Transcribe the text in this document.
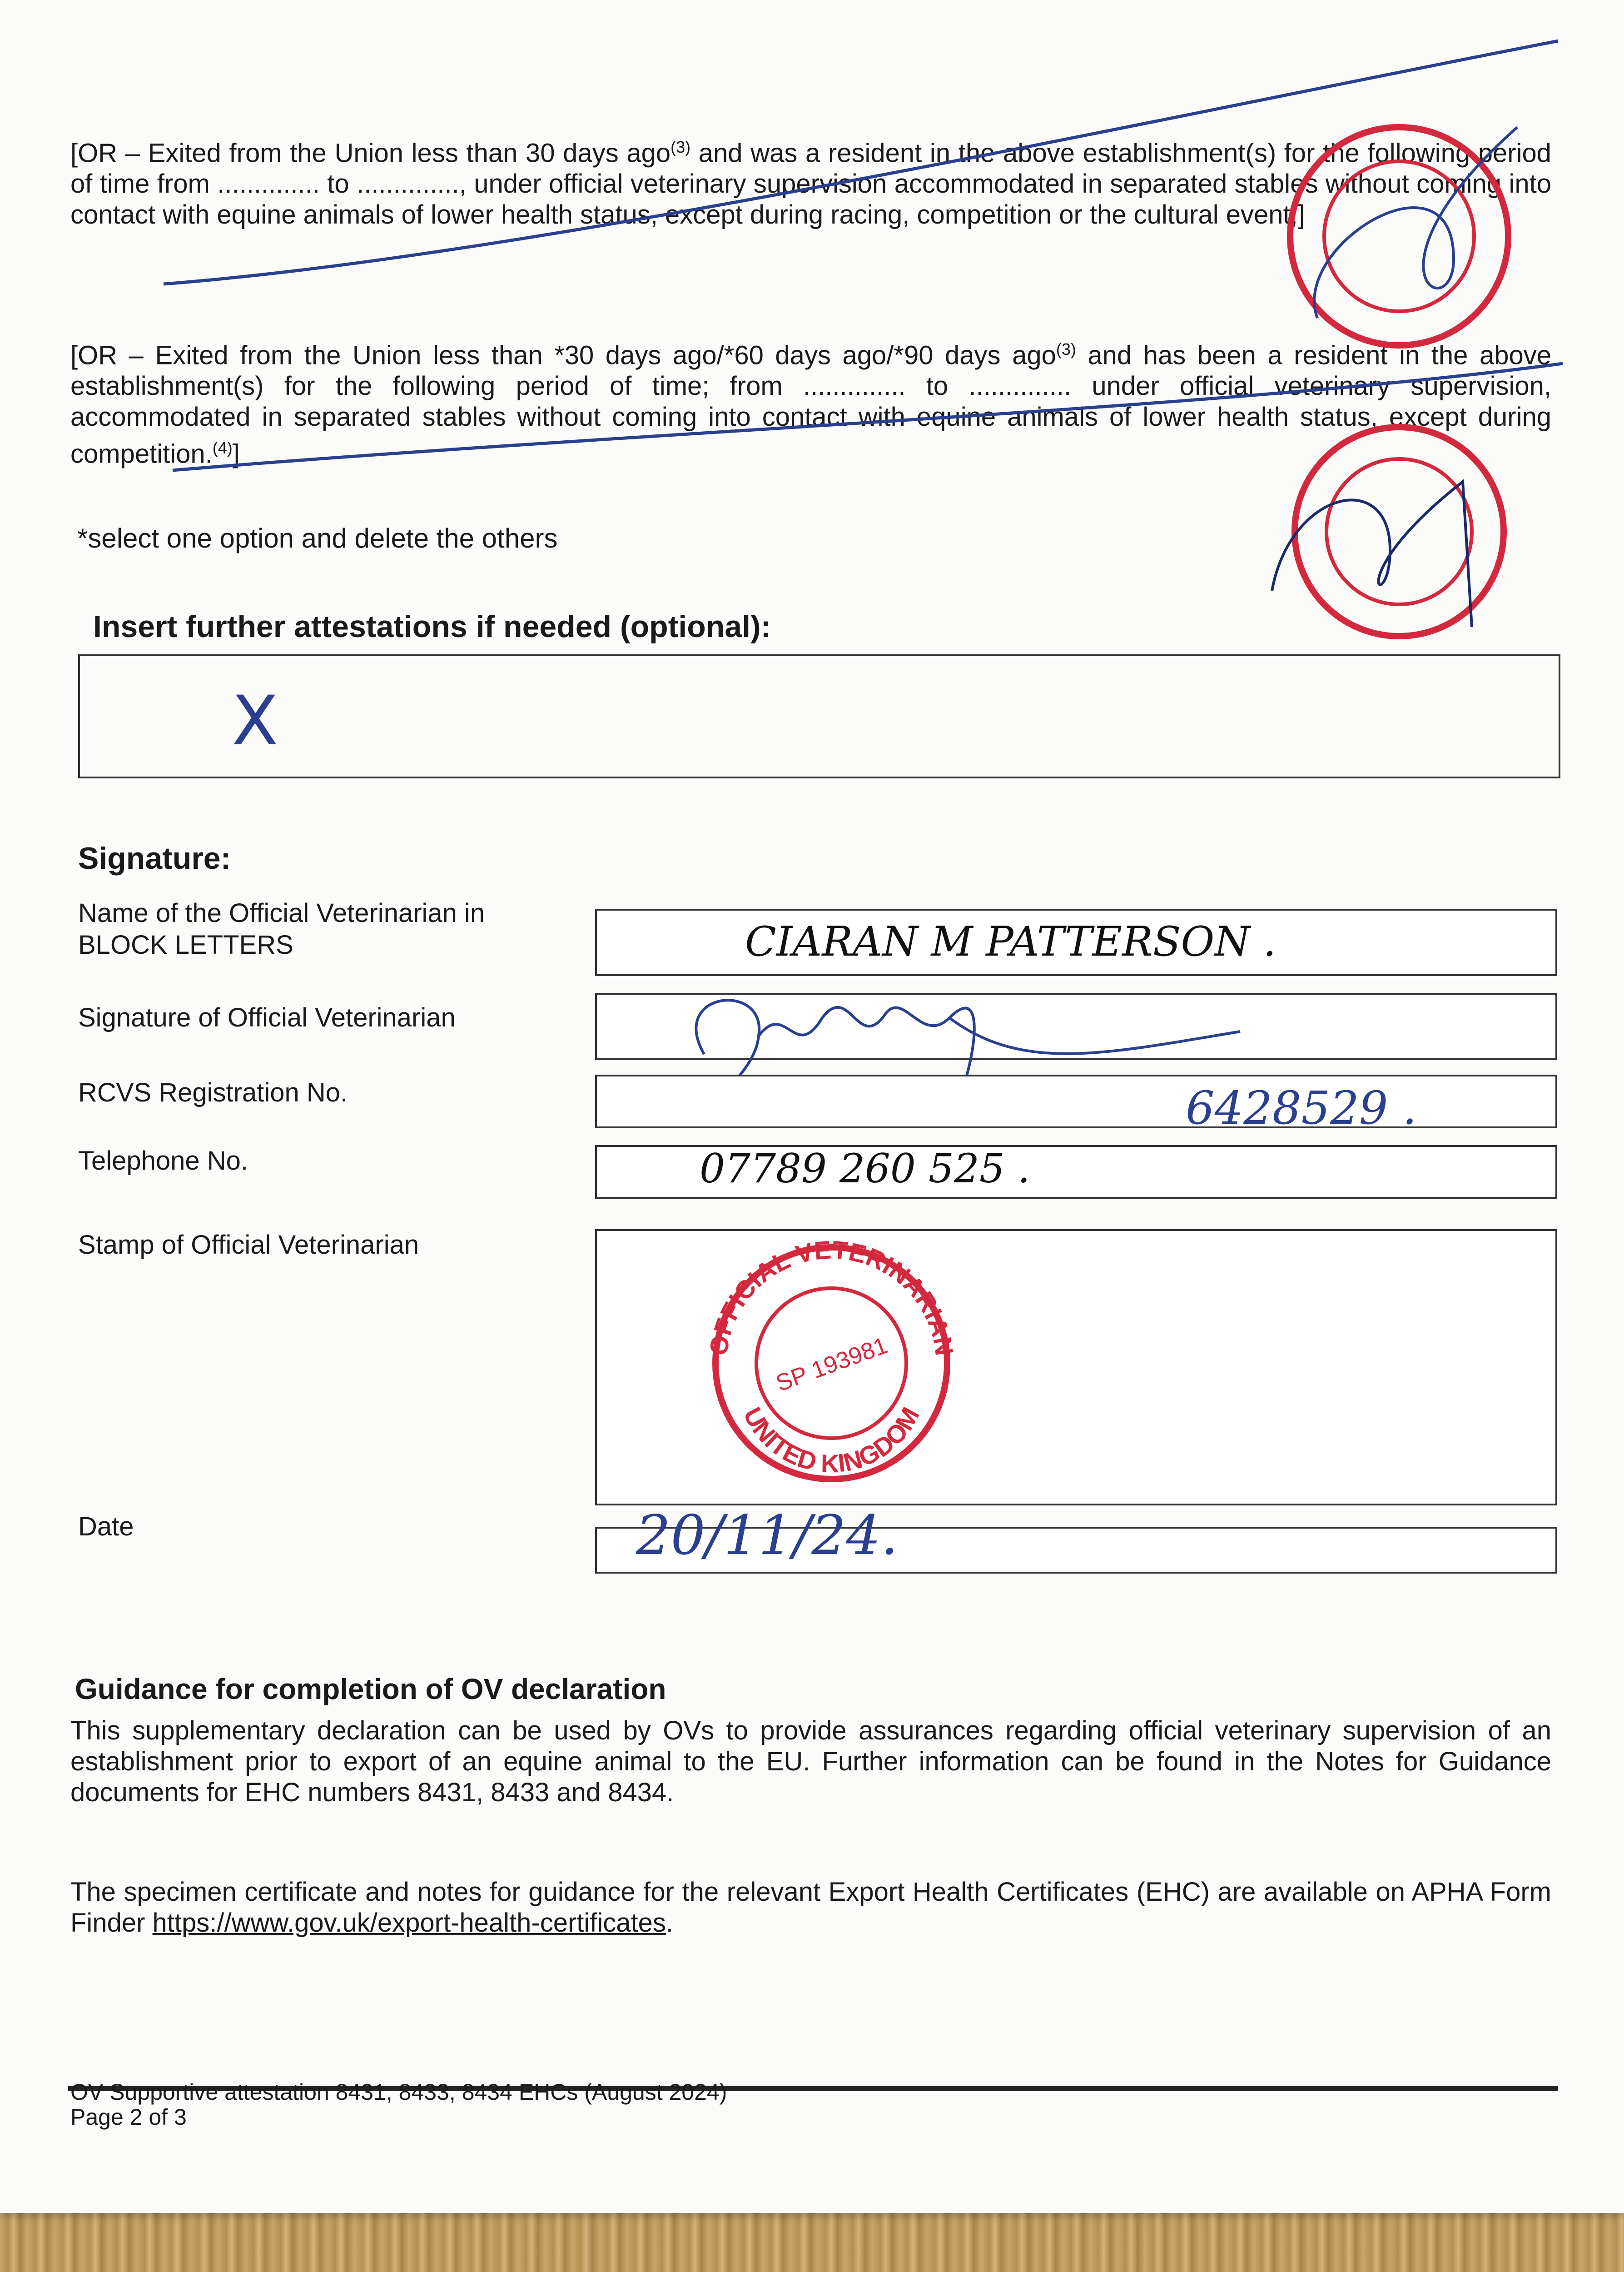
[OR – Exited from the Union less than 30 days ago$^{(3)}$ and was a resident in the above establishment(s) for the following period of time from .............. to .............., under official veterinary supervision accommodated in separated stables without coming into contact with equine animals of lower health status, except during racing, competition or the cultural event;]
[OR – Exited from the Union less than *30 days ago/*60 days ago/*90 days ago$^{(3)}$ and has been a resident in the above establishment(s) for the following period of time; from .............. to .............. under official veterinary supervision, accommodated in separated stables without coming into contact with equine animals of lower health status, except during competition.$^{(4)}$]
*select one option and delete the others
Insert further attestations if needed (optional):
X
Signature:
Name of the Official Veterinarian in BLOCK LETTERS	CIARAN M PATTERSON .
Signature of Official Veterinarian
RCVS Registration No.	6428529 .
Telephone No.	07789 260 525 .
Stamp of Official Veterinarian
OFFICIAL VETERINARIAN
UNITED KINGDOM
SP 193981
Date	20/11/24.
Guidance for completion of OV declaration
This supplementary declaration can be used by OVs to provide assurances regarding official veterinary supervision of an establishment prior to export of an equine animal to the EU. Further information can be found in the Notes for Guidance documents for EHC numbers 8431, 8433 and 8434.
The specimen certificate and notes for guidance for the relevant Export Health Certificates (EHC) are available on APHA Form Finder https://www.gov.uk/export-health-certificates.
OV Supportive attestation 8431, 8433, 8434 EHCs (August 2024)
Page 2 of 3
